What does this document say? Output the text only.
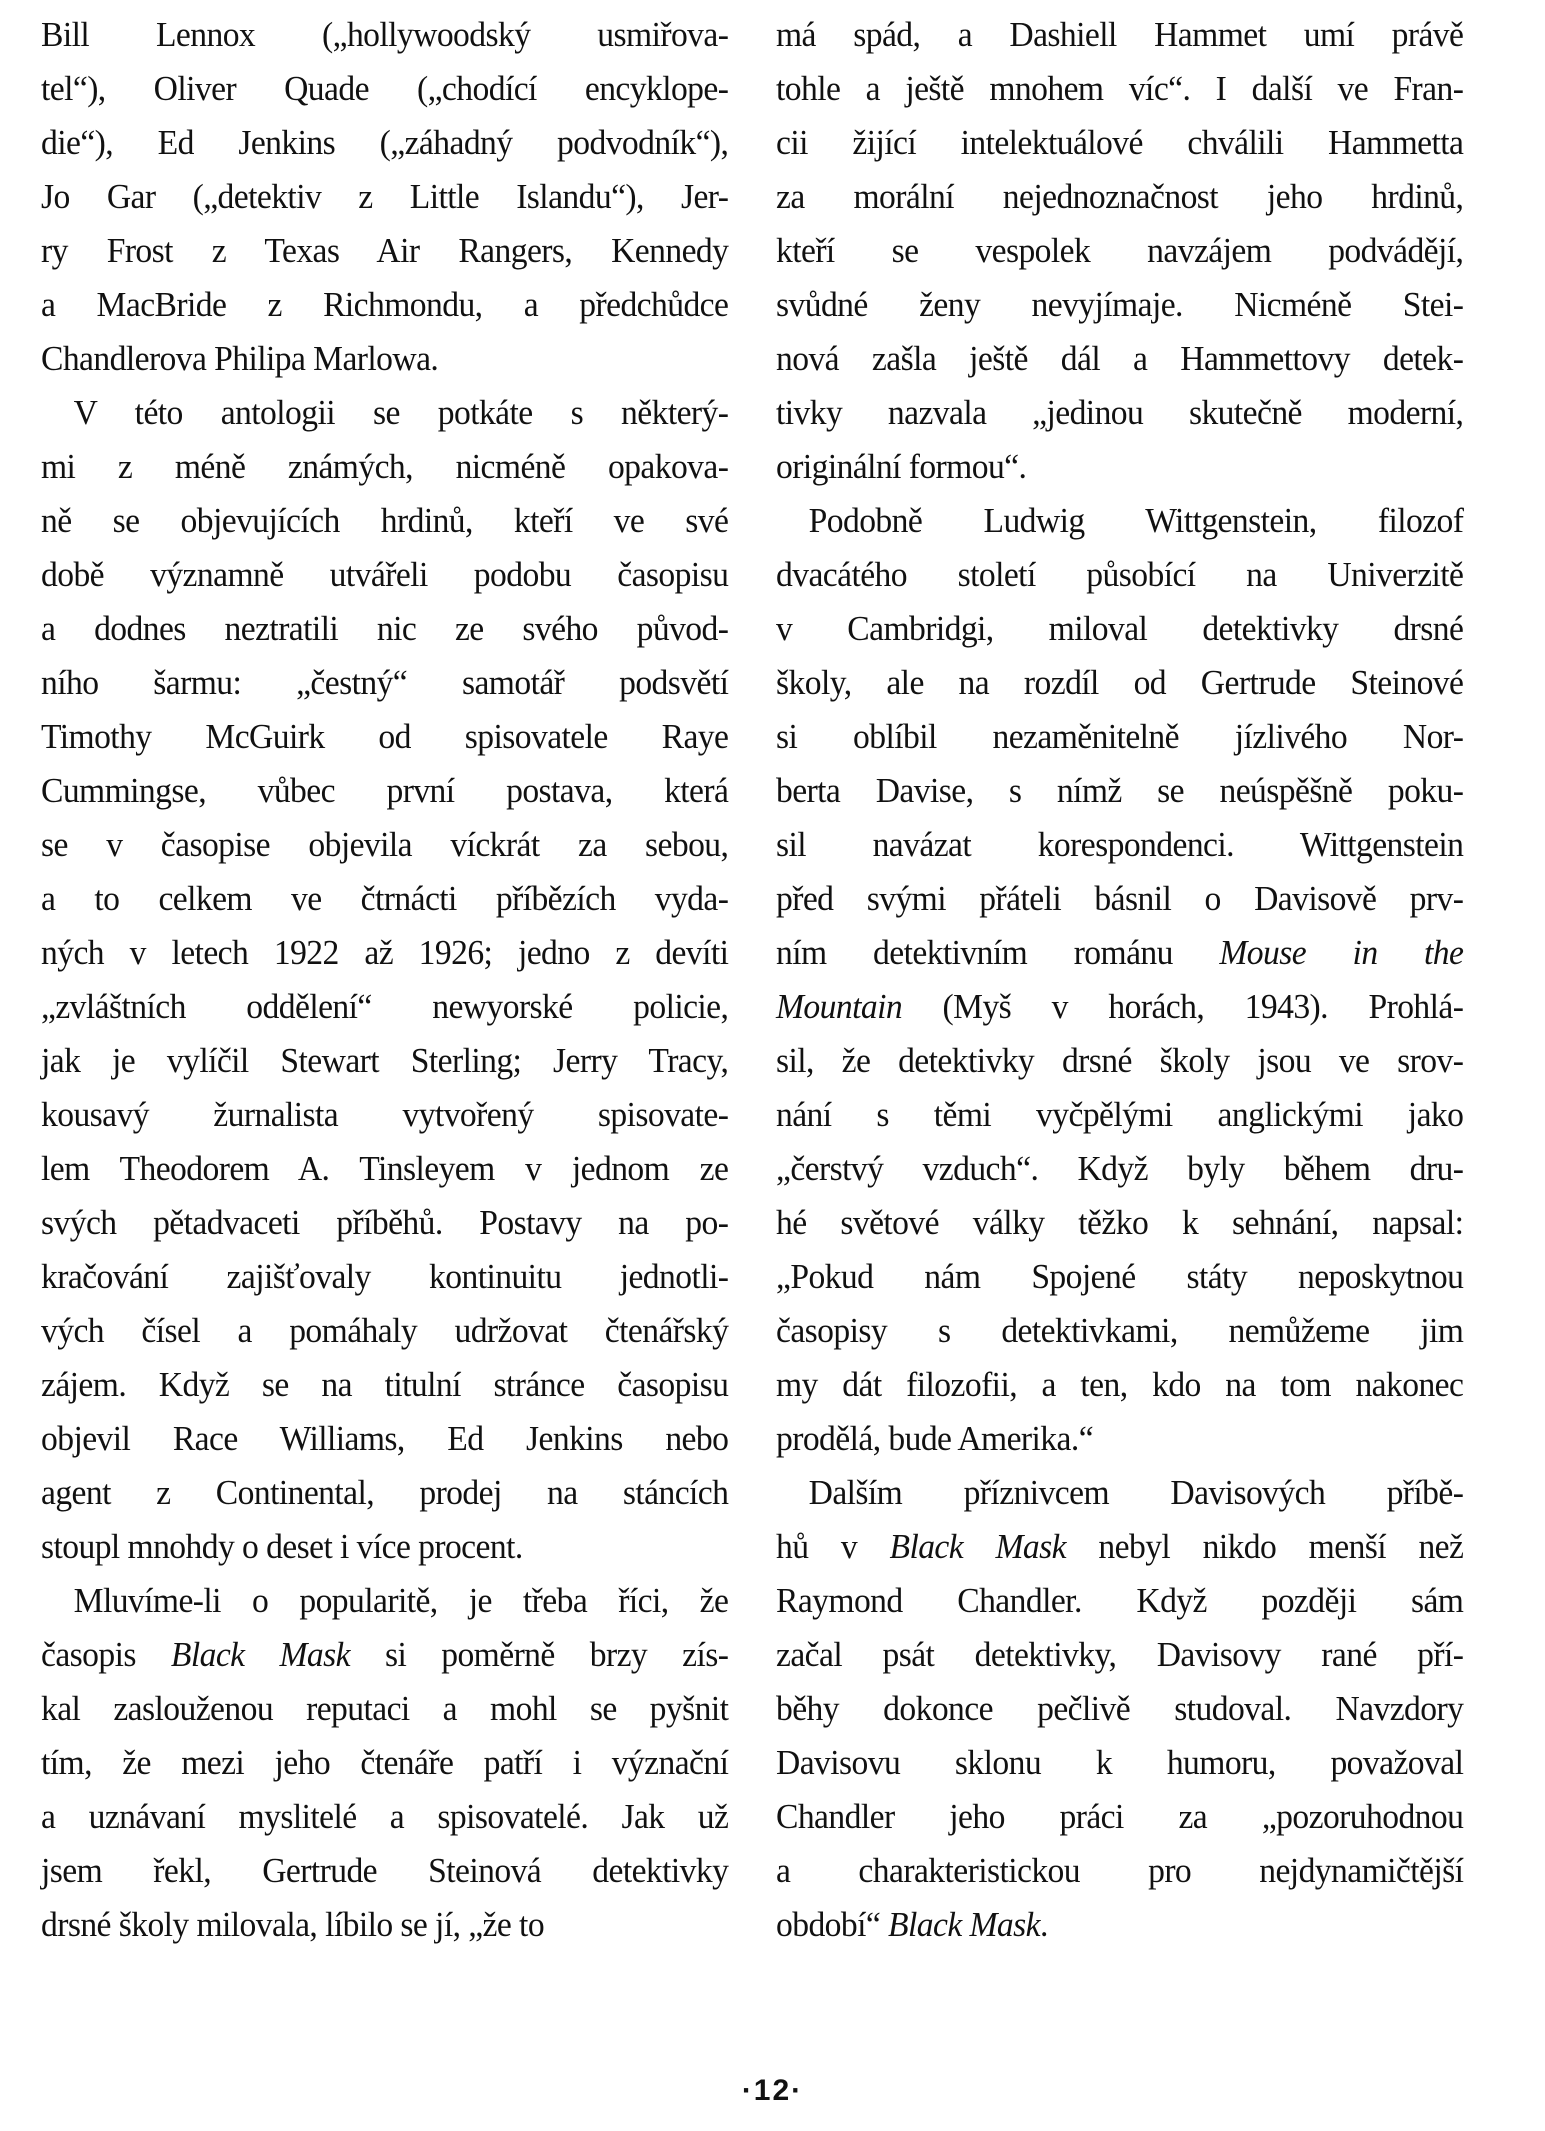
Bill Lennox („hollywoodský usmiřova-
tel“), Oliver Quade („chodící encyklope-
die“), Ed Jenkins („záhadný podvodník“),
Jo Gar („detektiv z Little Islandu“), Jer-
ry Frost z Texas Air Rangers, Kennedy
a MacBride z Richmondu, a předchůdce
Chandlerova Philipa Marlowa.
V této antologii se potkáte s některý-
mi z méně známých, nicméně opakova-
ně se objevujících hrdinů, kteří ve své
době významně utvářeli podobu časopisu
a dodnes neztratili nic ze svého původ-
ního šarmu: „čestný“ samotář podsvětí
Timothy McGuirk od spisovatele Raye
Cummingse, vůbec první postava, která
se v časopise objevila víckrát za sebou,
a to celkem ve čtrnácti příbězích vyda-
ných v letech 1922 až 1926; jedno z devíti
„zvláštních oddělení“ newyorské policie,
jak je vylíčil Stewart Sterling; Jerry Tracy,
kousavý žurnalista vytvořený spisovate-
lem Theodorem A. Tinsleyem v jednom ze
svých pětadvaceti příběhů. Postavy na po-
kračování zajišťovaly kontinuitu jednotli-
vých čísel a pomáhaly udržovat čtenářský
zájem. Když se na titulní stránce časopisu
objevil Race Williams, Ed Jenkins nebo
agent z Continental, prodej na stáncích
stoupl mnohdy o deset i více procent.
Mluvíme-li o popularitě, je třeba říci, že
časopis Black Mask si poměrně brzy zís-
kal zaslouženou reputaci a mohl se pyšnit
tím, že mezi jeho čtenáře patří i význační
a uznávaní myslitelé a spisovatelé. Jak už
jsem řekl, Gertrude Steinová detektivky
drsné školy milovala, líbilo se jí, „že to
má spád, a Dashiell Hammet umí právě
tohle a ještě mnohem víc“. I další ve Fran-
cii žijící intelektuálové chválili Hammetta
za morální nejednoznačnost jeho hrdinů,
kteří se vespolek navzájem podvádějí,
svůdné ženy nevyjímaje. Nicméně Stei-
nová zašla ještě dál a Hammettovy detek-
tivky nazvala „jedinou skutečně moderní,
originální formou“.
Podobně Ludwig Wittgenstein, filozof
dvacátého století působící na Univerzitě
v Cambridgi, miloval detektivky drsné
školy, ale na rozdíl od Gertrude Steinové
si oblíbil nezaměnitelně jízlivého Nor-
berta Davise, s nímž se neúspěšně poku-
sil navázat korespondenci. Wittgenstein
před svými přáteli básnil o Davisově prv-
ním detektivním románu Mouse in the
Mountain (Myš v horách, 1943). Prohlá-
sil, že detektivky drsné školy jsou ve srov-
nání s těmi vyčpělými anglickými jako
„čerstvý vzduch“. Když byly během dru-
hé světové války těžko k sehnání, napsal:
„Pokud nám Spojené státy neposkytnou
časopisy s detektivkami, nemůžeme jim
my dát filozofii, a ten, kdo na tom nakonec
prodělá, bude Amerika.“
Dalším příznivcem Davisových příbě-
hů v Black Mask nebyl nikdo menší než
Raymond Chandler. Když později sám
začal psát detektivky, Davisovy rané pří-
běhy dokonce pečlivě studoval. Navzdory
Davisovu sklonu k humoru, považoval
Chandler jeho práci za „pozoruhodnou
a charakteristickou pro nejdynamičtější
období“ Black Mask.
·12·
